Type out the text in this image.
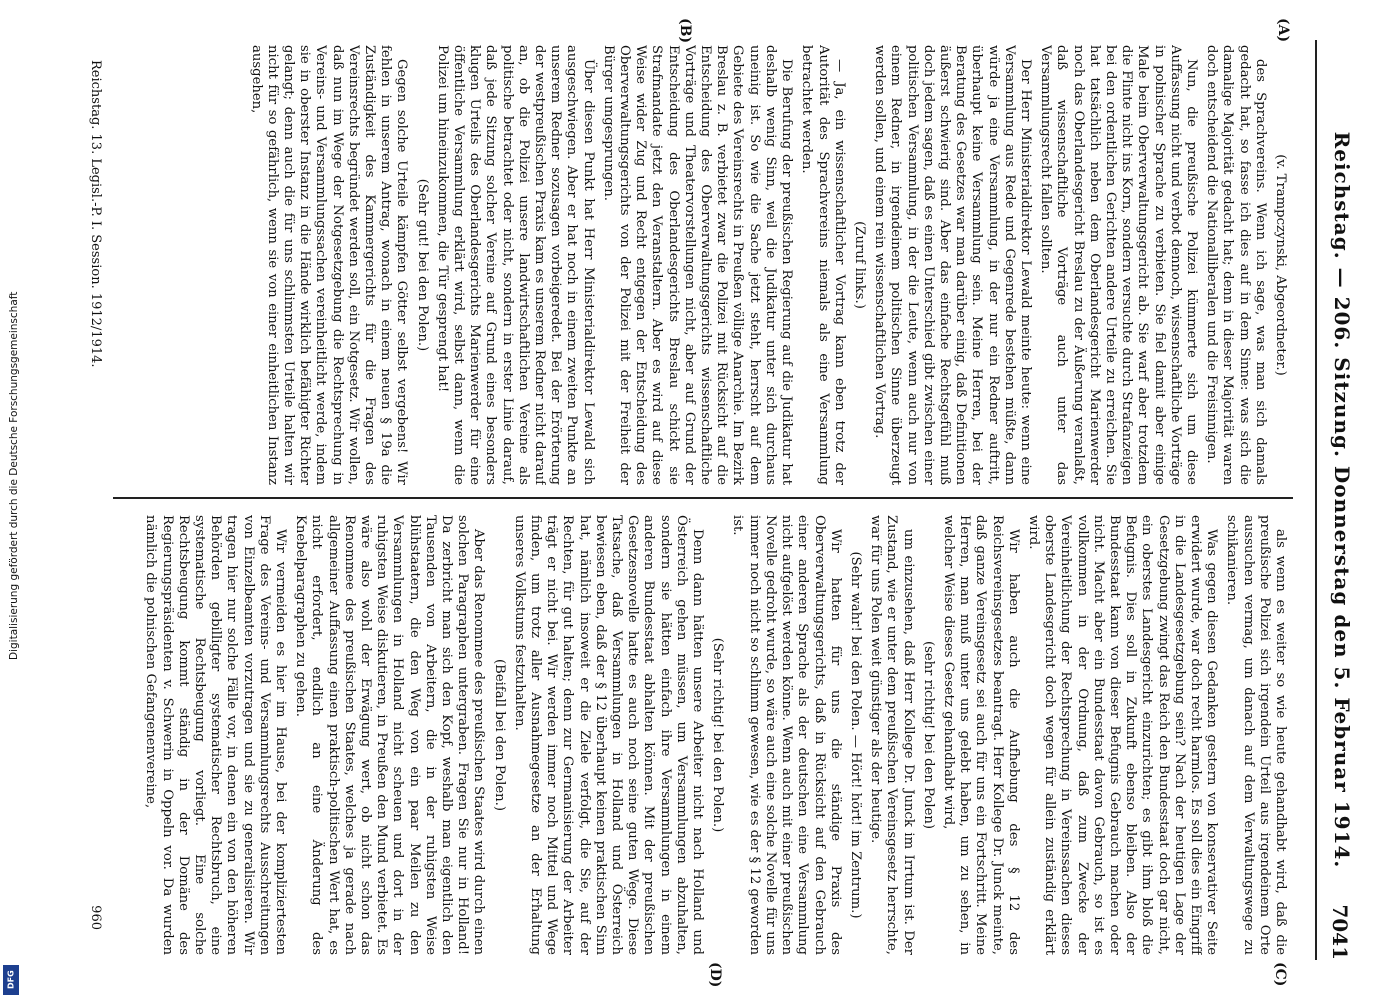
Reichstag. — 206. Sitzung. Donnerstag den 5. Februar 1914.
7041
(A)
(B)
(C)
(D)

(v. Trampczynski, Abgeordneter.)

des Sprachvereins. Wenn ich sage, was man sich damals gedacht hat, so fasse ich dies auf in dem Sinne: was sich die damalige Majorität gedacht hat; denn in dieser Majorität waren doch entscheidend die Nationalliberalen und die Freisinnigen.

Nun, die preußische Polizei kümmerte sich um diese Auffassung nicht und verbot dennoch, wissenschaftliche Vorträge in polnischer Sprache zu verbieten. Sie fiel damit aber einige Male beim Oberverwaltungsgericht ab. Sie warf aber trotzdem die Flinte nicht ins Korn, sondern versuchte durch Strafanzeigen bei den ordentlichen Gerichten andere Urteile zu erreichen. Sie hat tatsächlich neben dem Oberlandesgericht Marienwerder noch das Oberlandesgericht Breslau zu der Äußerung veranlaßt, daß wissenschaftliche Vorträge auch unter das Versammlungsrecht fallen sollten.

Der Herr Ministerialdirektor Lewald meinte heute: wenn eine Versammlung aus Rede und Gegenrede bestehen müßte, dann würde ja eine Versammlung, in der nur ein Redner auftritt, überhaupt keine Versammlung sein. Meine Herren, bei der Beratung des Gesetzes war man darüber einig, daß Definitionen äußerst schwierig sind. Aber das einfache Rechtsgefühl muß doch jedem sagen, daß es einen Unterschied gibt zwischen einer politischen Versammlung, in der die Leute, wenn auch nur von einem Redner, in irgendeinem politischen Sinne überzeugt werden sollen, und einem rein wissenschaftlichen Vortrag.

(Zuruf links.)

— Ja, ein wissenschaftlicher Vortrag kann eben trotz der Autorität des Sprachvereins niemals als eine Versammlung betrachtet werden.

Die Berufung der preußischen Regierung auf die Judikatur hat deshalb wenig Sinn, weil die Judikatur unter sich durchaus uneinig ist. So wie die Sache jetzt steht, herrscht auf dem Gebiete des Vereinsrechts in Preußen völlige Anarchie. Im Bezirk Breslau z. B. verbietet zwar die Polizei mit Rücksicht auf die Entscheidung des Oberverwaltungsgerichts wissenschaftliche Vorträge und Theatervorstellungen nicht, aber auf Grund der Entscheidung des Oberlandesgerichts Breslau schickt sie Strafmandate jetzt den Veranstaltern. Aber es wird auf diese Weise wider Zug und Recht entgegen der Entscheidung des Oberverwaltungsgerichts von der Polizei mit der Freiheit der Bürger umgesprungen.

Über diesen Punkt hat Herr Ministerialdirektor Lewald sich ausgeschwiegen. Aber er hat noch in einem zweiten Punkte an unserem Redner sozusagen vorbeigeredet. Bei der Erörterung der westpreußischen Praxis kam es unserem Redner nicht darauf an, ob die Polizei unsere landwirtschaftlichen Vereine als politische betrachtet oder nicht, sondern in erster Linie darauf, daß jede Sitzung solcher Vereine auf Grund eines besonders klugen Urteils des Oberlandesgerichts Marienwerder für eine öffentliche Versammlung erklärt wird, selbst dann, wenn die Polizei um hineinzukommen, die Tür gesprengt hat!

(Sehr gut! bei den Polen.)

Gegen solche Urteile kämpfen Götter selbst vergebens! Wir fehlen in unserem Antrag, wonach in einem neuen § 19a die Zuständigkeit des Kammergerichts für die Fragen des Vereinsrechts begründet werden soll, ein Notgesetz. Wir wollen, daß nun im Wege der Notgesetzgebung die Rechtsprechung in Vereins- und Versammlungssachen vereinheitlicht werde, indem sie in oberster Instanz in die Hände wirklich befähigter Richter gelangt; denn auch die für uns schlimmsten Urteile halten wir nicht für so gefährlich, wenn sie von einer einheitlichen Instanz ausgehen,

als wenn es weiter so wie heute gehandhabt wird, daß die preußische Polizei sich irgendein Urteil aus irgendeinem Orte aussuchen vermag, um danach auf dem Verwaltungswege zu schikanieren.

Was gegen diesen Gedanken gestern von konservativer Seite erwidert wurde, war doch recht harmlos. Es soll dies ein Eingriff in die Landesgesetzgebung sein? Nach der heutigen Lage der Gesetzgebung zwingt das Reich den Bundesstaat doch gar nicht, ein oberstes Landesgericht einzurichten; es gibt ihm bloß die Befugnis. Dies soll in Zukunft ebenso bleiben. Also der Bundesstaat kann von dieser Befugnis Gebrauch machen oder nicht. Macht aber ein Bundesstaat davon Gebrauch, so ist es vollkommen in der Ordnung, daß zum Zwecke der Vereinheitlichung der Rechtsprechung in Vereinssachen dieses oberste Landesgericht doch wegen für allein zuständig erklärt wird.

Wir haben auch die Aufhebung des § 12 des Reichsvereinsgesetzes beantragt. Herr Kollege Dr. Junck meinte, daß ganze Vereinsgesetz sei auch für uns ein Fortschritt. Meine Herren, man muß unter uns gelebt haben, um zu sehen, in welcher Weise dieses Gesetz gehandhabt wird,

(sehr richtig! bei den Polen)

um einzusehen, daß Herr Kollege Dr. Junck im Irrtum ist. Der Zustand, wie er unter dem preußischen Vereinsgesetz herrschte, war für uns Polen weit günstiger als der heutige.

(Sehr wahr! bei den Polen. — Hört! hört! im Zentrum.)

Wir hatten für uns die ständige Praxis des Oberverwaltungsgerichts, daß in Rücksicht auf den Gebrauch einer anderen Sprache als der deutschen eine Versammlung nicht aufgelöst werden könne. Wenn auch mit einer preußischen Novelle gedroht wurde, so wäre auch eine solche Novelle für uns immer noch nicht so schlimm gewesen, wie es der § 12 geworden ist.

(Sehr richtig! bei den Polen.)

Denn dann hätten unsere Arbeiter nicht nach Holland und Österreich gehen müssen, um Versammlungen abzuhalten, sondern sie hätten einfach ihre Versammlungen in einem anderen Bundesstaat abhalten können. Mit der preußischen Gesetzesnovelle hatte es auch noch seine guten Wege. Diese Tatsache, daß Versammlungen in Holland und Österreich bewiesen eben, daß der § 12 überhaupt keinen praktischen Sinn hat, nämlich insoweit er die Ziele verfolgt, die Sie, auf der Rechten, für gut halten; denn zur Germanisierung der Arbeiter trägt er nicht bei. Wir werden immer noch Mittel und Wege finden, um trotz aller Ausnahmegesetze an der Erhaltung unseres Volkstums festzuhalten.

(Beifall bei den Polen.)

Aber das Renommee des preußischen Staates wird durch einen solchen Paragraphen untergraben. Fragen Sie nur in Holland! Da zerbricht man sich den Kopf, weshalb man eigentlich den Tausenden von Arbeitern, die in der ruhigsten Weise blühstaatern, die den Weg von ein paar Meilen zu den Versammlungen in Holland nicht scheuen und dort in der ruhigsten Weise diskutieren, in Preußen den Mund verbietet. Es wäre also wohl der Erwägung wert, ob nicht schon das Renommee des preußischen Staates, welches ja gerade nach allgemeiner Auffassung einen praktisch-politischen Wert hat, es nicht erfordert, endlich an eine Änderung des Knebelparagraphen zu gehen.

Wir vermeiden es hier im Hause, bei der kompliziertesten Frage des Vereins- und Versammlungsrechts Ausschreitungen von Einzelbeamten vorzutragen und sie zu generalisieren. Wir tragen hier nur solche Fälle vor, in denen ein von den höheren Behörden gebilligter systematischer Rechtsbruch, eine systematische Rechtsbeugung vorliegt. Eine solche Rechtsbeugung kommt ständig in der Domäne des Regierungspräsidenten v. Schwerin in Oppeln vor. Da wurden nämlich die polnischen Gefangenenvereine,

Reichstag. 13. Legisl.-P. I. Session. 1912/1914.
960
Digitalisierung gefördert durch die Deutsche Forschungsgemeinschaft
DFG
